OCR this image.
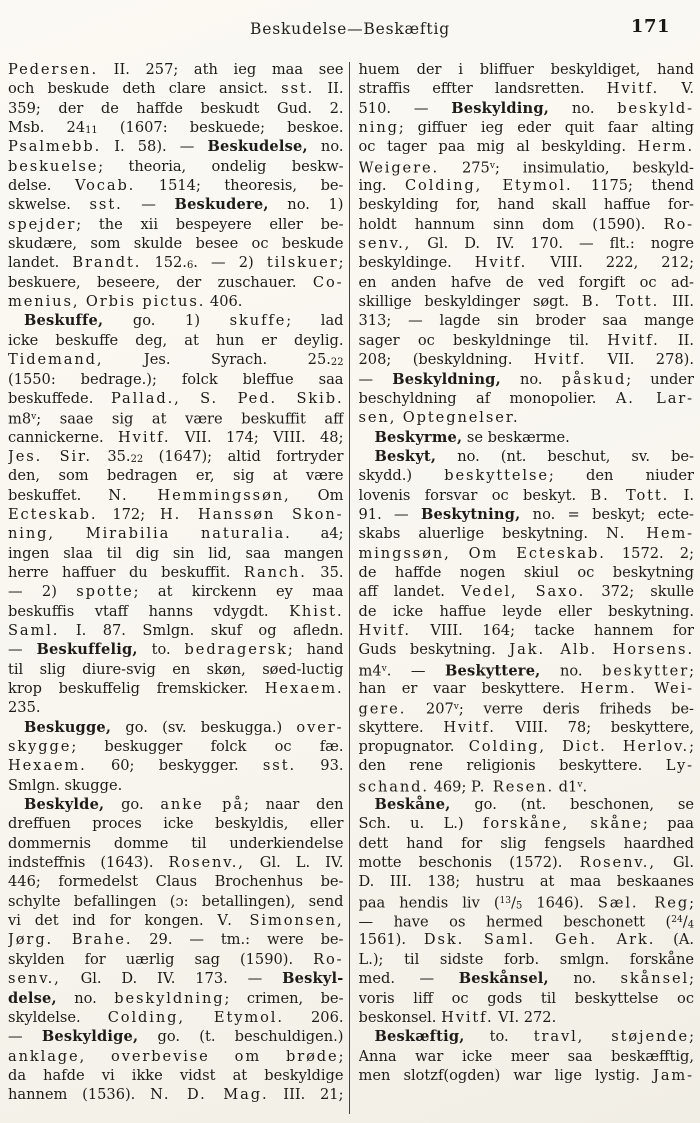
Beskudelse—Beskæftig	171
Pedersen. II. 257; ath ieg maa see
och beskude deth clare ansict. sst. II.
359; der de haffde beskudt Gud. 2.
Msb. 2411 (1607: beskuede; beskoe.
Psalmebb. I. 58). — Beskudelse, no.
beskuelse; theoria, ondelig beskw-
delse. Vocab. 1514; theoresis, be-
skwelse. sst. — Beskudere, no. 1)
spejder; the xii bespeyere eller be-
skudære, som skulde besee oc beskude
landet. Brandt. 152.6. — 2) tilskuer;
beskuere, beseere, der zuschauer. Co-
menius, Orbis pictus. 406.
Beskuffe, go. 1) skuffe; lad
icke beskuffe deg, at hun er deylig.
Tidemand, Jes. Syrach. 25.22
(1550: bedrage.); folck bleffue saa
beskuffede. Pallad., S. Ped. Skib.
m8$^v$; saae sig at være beskuffit aff
cannickerne. Hvitf. VII. 174; VIII. 48;
Jes. Sir. 35.22 (1647); altid fortryder
den, som bedragen er, sig at være
beskuffet. N. Hemmingssøn, Om
Ecteskab. 172; H. Hanssøn Skon-
ning, Mirabilia naturalia. a4;
ingen slaa til dig sin lid, saa mangen
herre haffuer du beskuffit. Ranch. 35.
— 2) spotte; at kirckenn ey maa
beskuffis vtaff hanns vdygdt. Khist.
Saml. I. 87. Smlgn. skuf og afledn.
— Beskuffelig, to. bedragersk; hand
til slig diure-svig en skøn, søed-luctig
krop beskuffelig fremskicker. Hexaem.
235.
Beskugge, go. (sv. beskugga.) over-
skygge; beskugger folck oc fæ.
Hexaem. 60; beskygger. sst. 93.
Smlgn. skugge.
Beskylde, go. anke på; naar den
dreffuen proces icke beskyldis, eller
dommernis domme til underkiendelse
indsteffnis (1643). Rosenv., Gl. L. IV.
446; formedelst Claus Brochenhus be-
schylte befallingen (ɔ: betallingen), send
vi det ind for kongen. V. Simonsen,
Jørg. Brahe. 29. — tm.: were be-
skylden for uærlig sag (1590). Ro-
senv., Gl. D. IV. 173. — Beskyl-
delse, no. beskyldning; crimen, be-
skyldelse. Colding, Etymol. 206.
— Beskyldige, go. (t. beschuldigen.)
anklage, overbevise om brøde;
da hafde vi ikke vidst at beskyldige
hannem (1536). N. D. Mag. III. 21;
huem der i bliffuer beskyldiget, hand
straffis effter landsretten. Hvitf. V.
510. — Beskylding, no. beskyld-
ning; giffuer ieg eder quit faar alting
oc tager paa mig al beskylding. Herm.
Weigere. 275$^v$; insimulatio, beskyld-
ing. Colding, Etymol. 1175; thend
beskylding for, hand skall haffue for-
holdt hannum sinn dom (1590). Ro-
senv., Gl. D. IV. 170. — flt.: nogre
beskyldinge. Hvitf. VIII. 222, 212;
en anden hafve de ved forgift oc ad-
skillige beskyldinger søgt. B. Tott. III.
313; — lagde sin broder saa mange
sager oc beskyldninge til. Hvitf. II.
208; (beskyldning. Hvitf. VII. 278).
— Beskyldning, no. påskud; under
beschyldning af monopolier. A. Lar-
sen, Optegnelser.
Beskyrme, se beskærme.
Beskyt, no. (nt. beschut, sv. be-
skydd.) beskyttelse; den niuder
lovenis forsvar oc beskyt. B. Tott. I.
91. — Beskytning, no. = beskyt; ecte-
skabs aluerlige beskytning. N. Hem-
mingssøn, Om Ecteskab. 1572. 2;
de haffde nogen skiul oc beskytning
aff landet. Vedel, Saxo. 372; skulle
de icke haffue leyde eller beskytning.
Hvitf. VIII. 164; tacke hannem for
Guds beskytning. Jak. Alb. Horsens.
m4$^v$. — Beskyttere, no. beskytter;
han er vaar beskyttere. Herm. Wei-
gere. 207$^v$; verre deris friheds be-
skyttere. Hvitf. VIII. 78; beskyttere,
propugnator. Colding, Dict. Herlov.;
den rene religionis beskyttere. Ly-
schand. 469; P. Resen. d1$^v$.
Beskåne, go. (nt. beschonen, se
Sch. u. L.) forskåne, skåne; paa
dett hand for slig fengsels haardhed
motte beschonis (1572). Rosenv., Gl.
D. III. 138; hustru at maa beskaanes
paa hendis liv ($^{13}$/5 1646). Sæl. Reg;
— have os hermed beschonett ($^{24}$/4
1561). Dsk. Saml. Geh. Ark. (A.
L.); til sidste forb. smlgn. forskåne
med. — Beskånsel, no. skånsel;
voris liff oc gods til beskyttelse oc
beskonsel. Hvitf. VI. 272.
Beskæftig, to. travl, støjende;
Anna war icke meer saa beskæfftig,
men slotzf(ogden) war lige lystig. Jam-
